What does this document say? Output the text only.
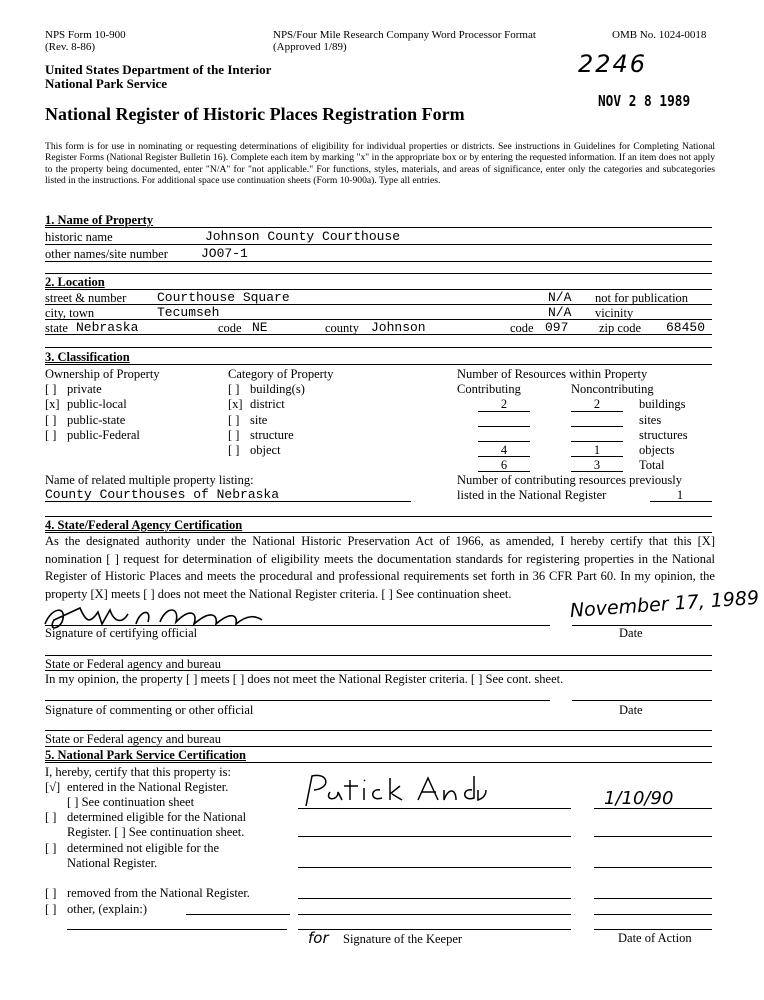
NPS Form 10-900
(Rev. 8-86)
NPS/Four Mile Research Company Word Processor Format
(Approved 1/89)
OMB No. 1024-0018
United States Department of the Interior
National Park Service
2246
NOV 2 8 1989
National Register of Historic Places Registration Form
This form is for use in nominating or requesting determinations of eligibility for individual properties or districts. See instructions in Guidelines for Completing National Register Forms (National Register Bulletin 16). Complete each item by marking "x" in the appropriate box or by entering the requested information. If an item does not apply to the property being documented, enter "N/A" for "not applicable." For functions, styles, materials, and areas of significance, enter only the categories and subcategories listed in the instructions. For additional space use continuation sheets (Form 10-900a). Type all entries.
1. Name of Property
historic name	Johnson County Courthouse
other names/site number	JO07-1
2. Location
street & number Courthouse Square	N/A not for publication
city, town	Tecumseh	N/A vicinity
state Nebraska	code NE	county Johnson	code 097 zip code 68450
3. Classification
Ownership of Property
[ ] private
[x] public-local
[ ] public-state
[ ] public-Federal
Category of Property
[ ] building(s)
[x] district
[ ] site
[ ] structure
[ ] object
Number of Resources within Property
Contributing	Noncontributing
2	2	buildings
sites
structures
4	1	objects
6	3	Total
Name of related multiple property listing:
County Courthouses of Nebraska
Number of contributing resources previously
listed in the National Register	1
4. State/Federal Agency Certification
As the designated authority under the National Historic Preservation Act of 1966, as amended, I hereby certify that this [X] nomination [ ] request for determination of eligibility meets the documentation standards for registering properties in the National Register of Historic Places and meets the procedural and professional requirements set forth in 36 CFR Part 60. In my opinion, the property [X] meets [ ] does not meet the National Register criteria. [ ] See continuation sheet.
Signature of certifying official
November 17, 1989
Date
State or Federal agency and bureau
In my opinion, the property [ ] meets [ ] does not meet the National Register criteria. [ ] See cont. sheet.
Signature of commenting or other official	Date
State or Federal agency and bureau
5. National Park Service Certification
I, hereby, certify that this property is:
[√] entered in the National Register.
[ ] See continuation sheet	1/10/90
[ ] determined eligible for the National
Register. [ ] See continuation sheet.
[ ] determined not eligible for the
National Register.
[ ] removed from the National Register.
[ ] other, (explain:)
for Signature of the Keeper	Date of Action
